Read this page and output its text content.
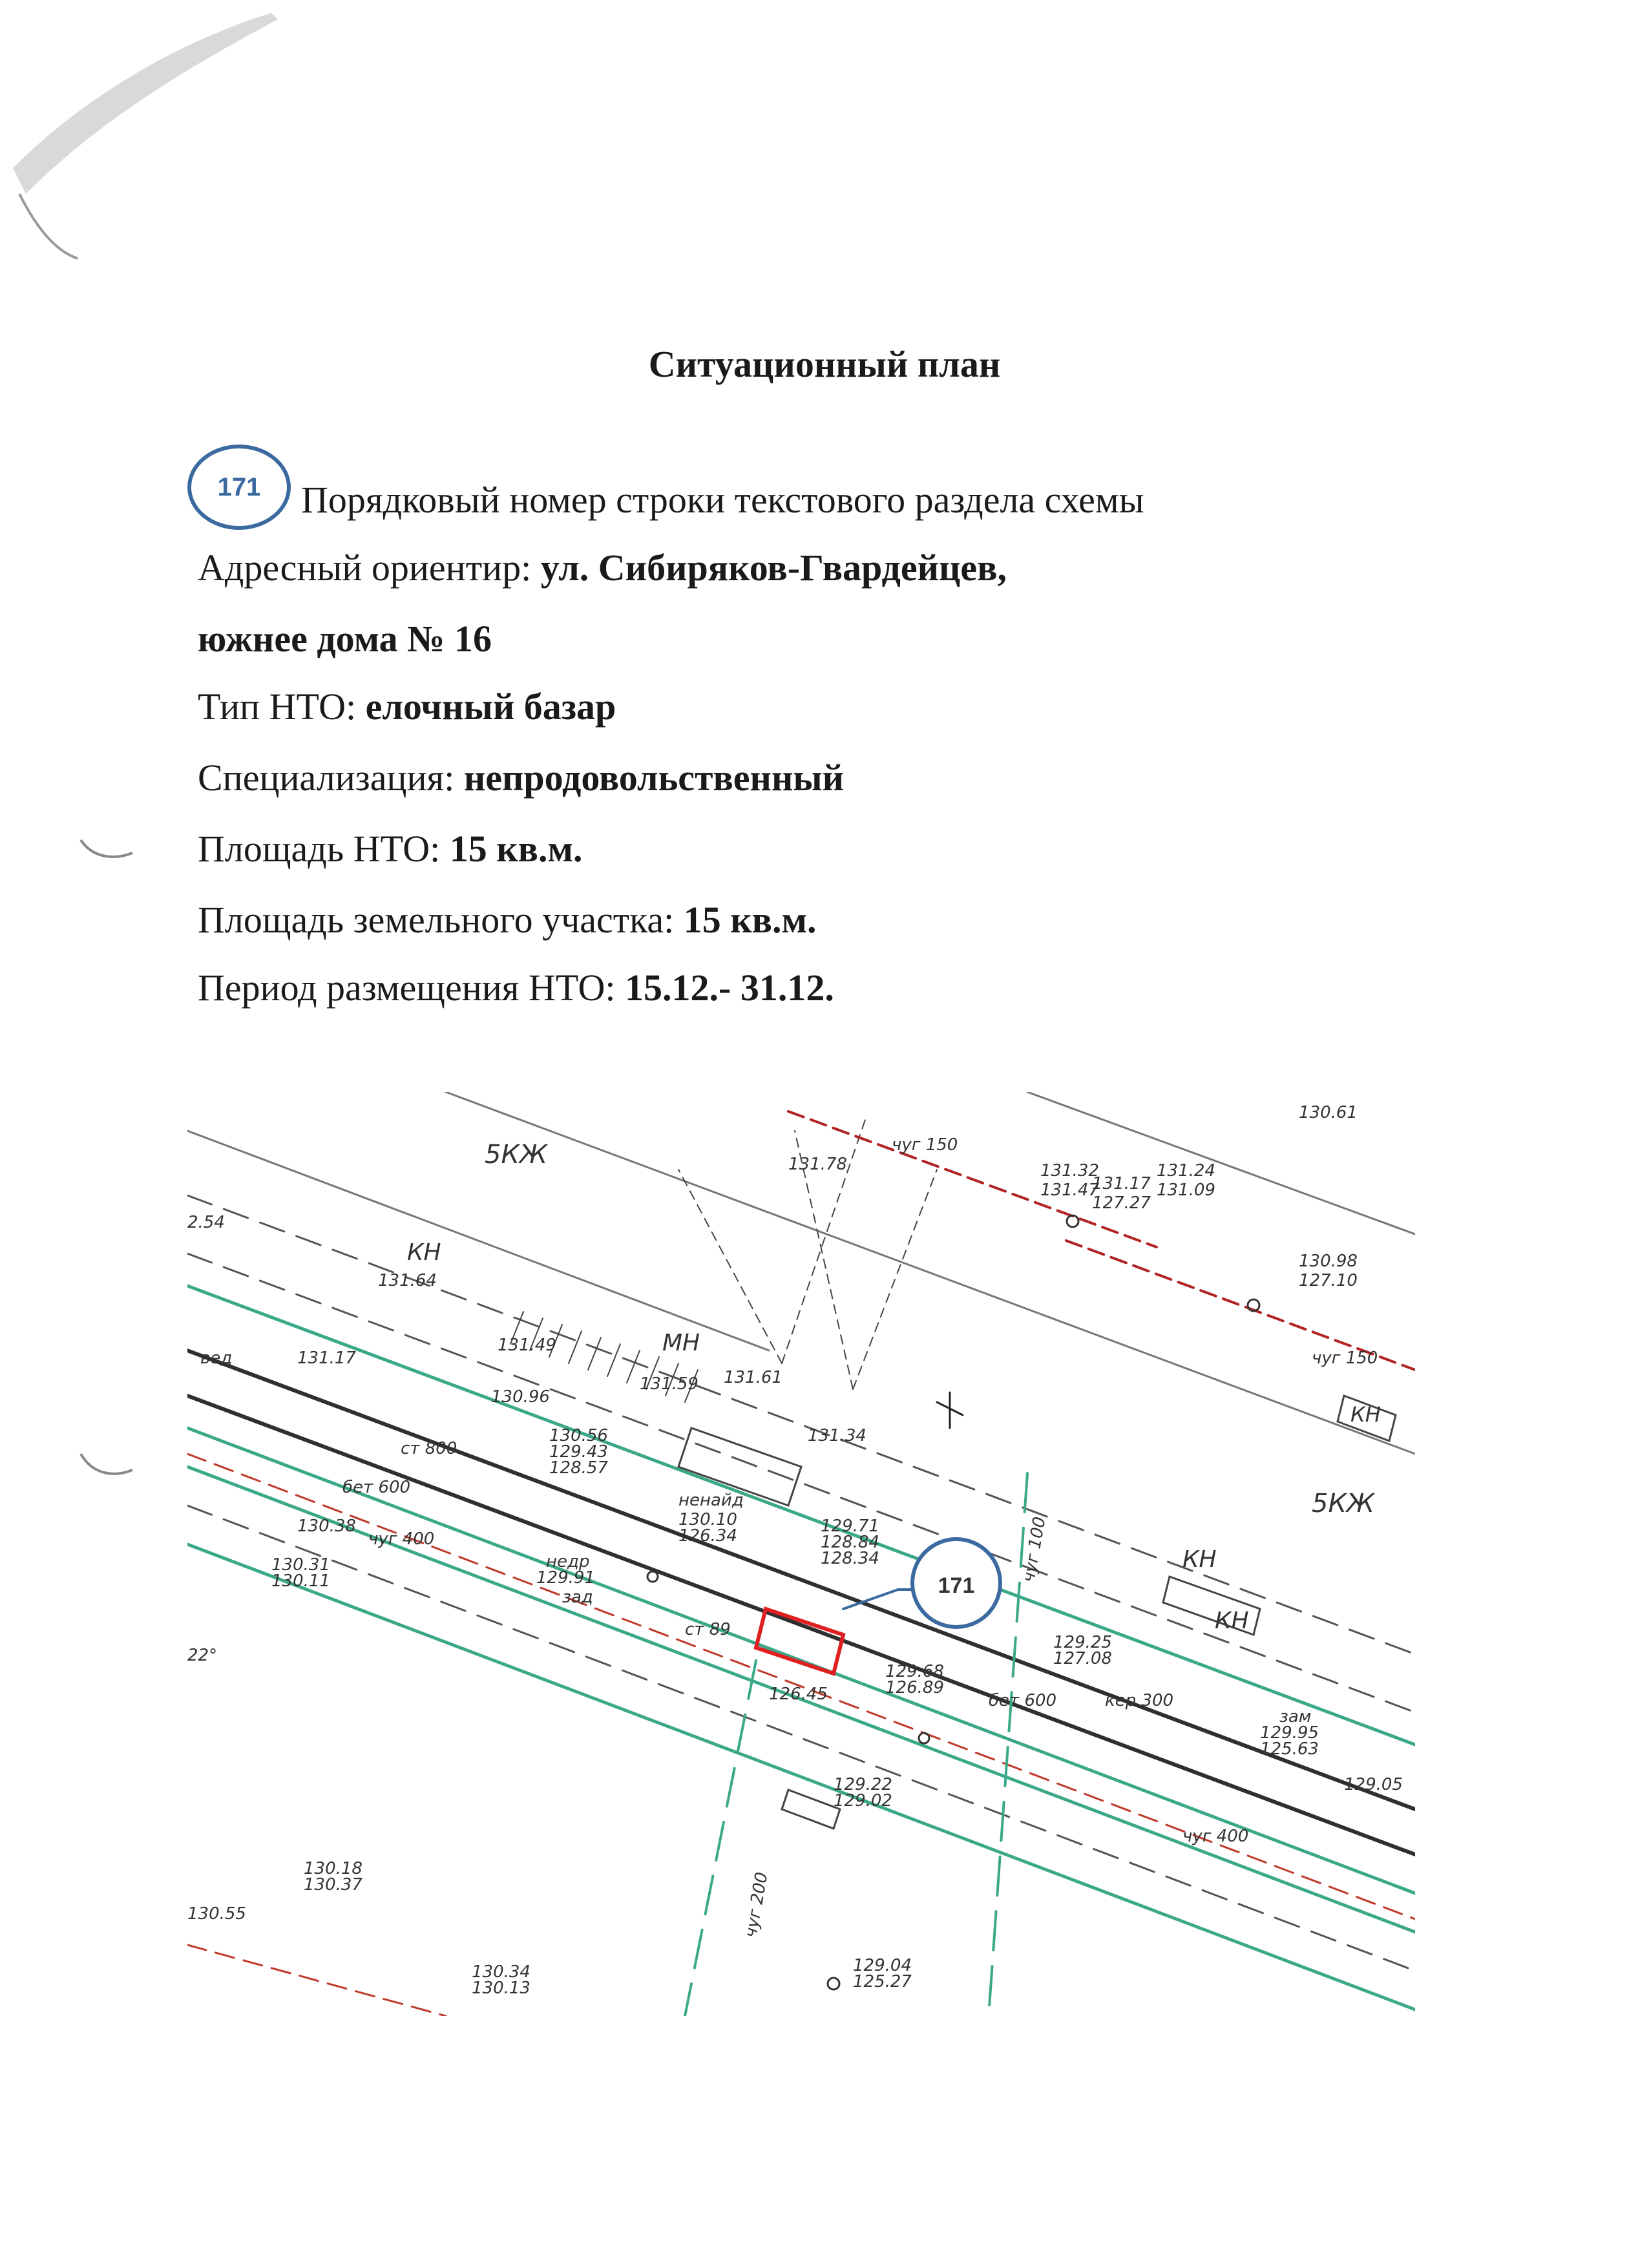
Ситуационный план
171	Порядковый номер строки текстового раздела схемы
Адресный ориентир: ул. Сибиряков-Гвардейцев,
южнее дома № 16
Тип НТО: елочный базар
Специализация: непродовольственный
Площадь НТО: 15 кв.м.
Площадь земельного участка: 15 кв.м.
Период размещения НТО: 15.12.- 31.12.
171
5КЖ
5КЖ
КН
КН
КН
КН
МН
130.61
131.78	131.32
131.47
131.17
127.27
131.24
131.09
130.98
127.10
131.64
2.54
131.49
130.96
131.59 131.61
131.34
131.17
130.56
129.43
128.57
130.10
126.34	129.71
128.84
128.34
130.38
130.31
130.11	129.91
126.45
129.68
126.89
129.25
127.08
129.22
129.02
129.95
125.63
129.05
130.18
130.37
130.55
130.34
130.13
129.04
125.27
чуг 150
чуг 150
чуг 400
чуг 400
чуг 200
чуг 100
ст 800
бет 600
бет 600
ст 89
кер 300
ненайд
недр
зад
зам
вед
22°
